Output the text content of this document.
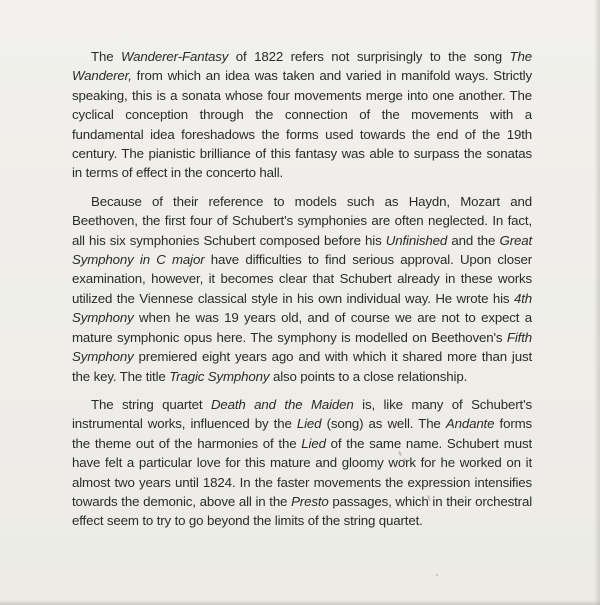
The Wanderer-Fantasy of 1822 refers not surprisingly to the song The Wanderer, from which an idea was taken and varied in manifold ways. Strictly speaking, this is a sonata whose four movements merge into one another. The cyclical conception through the connection of the movements with a fundamental idea foreshadows the forms used towards the end of the 19th century. The pianistic brilliance of this fantasy was able to surpass the sonatas in terms of effect in the concerto hall.

Because of their reference to models such as Haydn, Mozart and Beethoven, the first four of Schubert's symphonies are often neglected. In fact, all his six symphonies Schubert composed before his Unfinished and the Great Symphony in C major have difficulties to find serious approval. Upon closer examination, however, it becomes clear that Schubert already in these works utilized the Viennese classical style in his own individual way. He wrote his 4th Symphony when he was 19 years old, and of course we are not to expect a mature symphonic opus here. The symphony is modelled on Beethoven's Fifth Symphony premiered eight years ago and with which it shared more than just the key. The title Tragic Symphony also points to a close relationship.

The string quartet Death and the Maiden is, like many of Schubert's instrumental works, influenced by the Lied (song) as well. The Andante forms the theme out of the harmonies of the Lied of the same name. Schubert must have felt a particular love for this mature and gloomy work for he worked on it almost two years until 1824. In the faster movements the expression intensifies towards the demonic, above all in the Presto passages, which in their orchestral effect seem to try to go beyond the limits of the string quartet.
